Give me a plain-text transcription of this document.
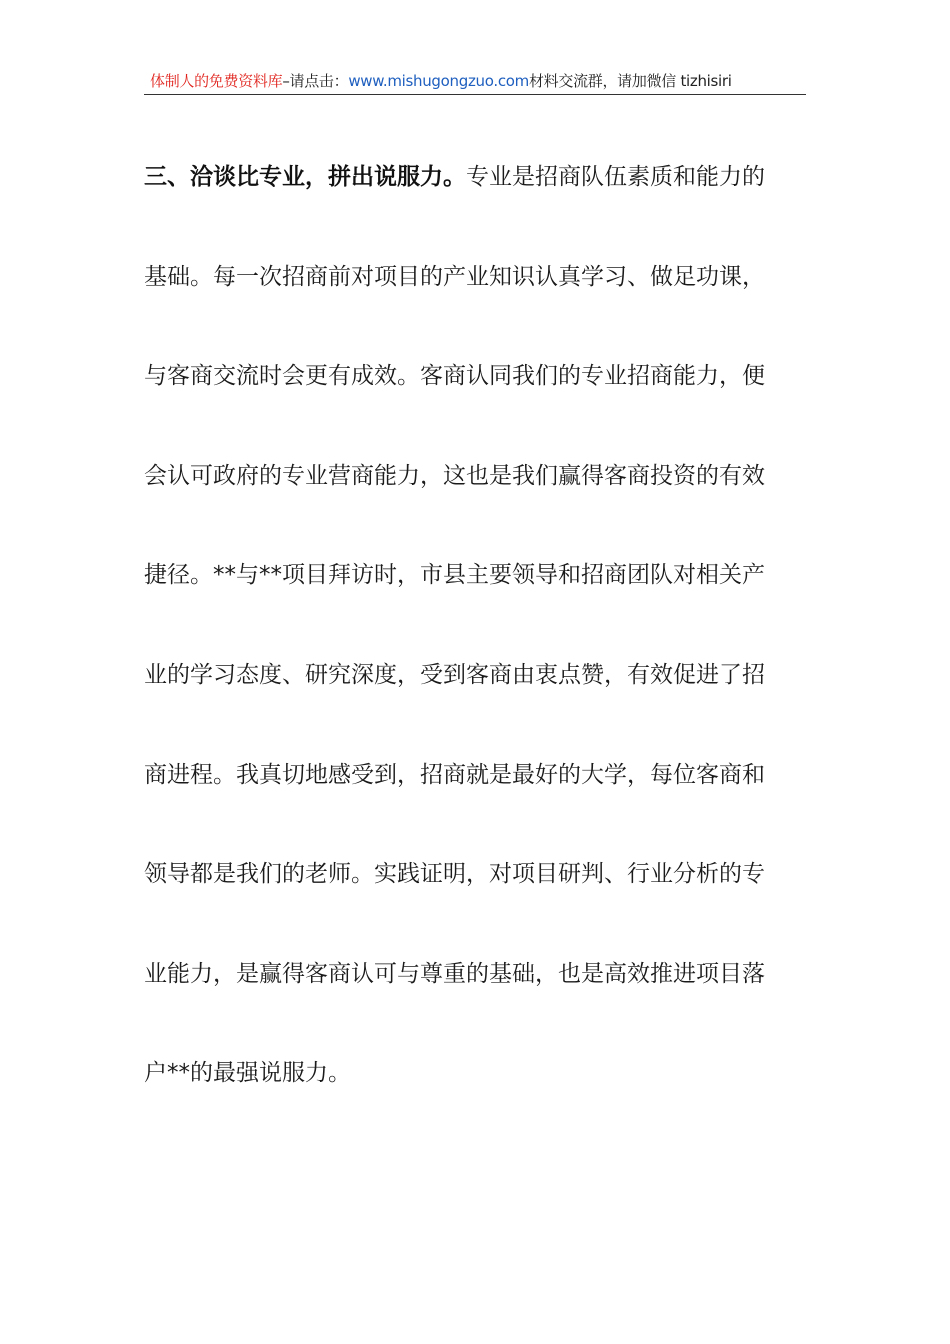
体制人的免费资料库–请点击：www.mishugongzuo.com材料交流群，请加微信 tizhisiri

三、洽谈比专业，拼出说服力。专业是招商队伍素质和能力的
基础。每一次招商前对项目的产业知识认真学习、做足功课，
与客商交流时会更有成效。客商认同我们的专业招商能力，便
会认可政府的专业营商能力，这也是我们赢得客商投资的有效
捷径。**与**项目拜访时，市县主要领导和招商团队对相关产
业的学习态度、研究深度，受到客商由衷点赞，有效促进了招
商进程。我真切地感受到，招商就是最好的大学，每位客商和
领导都是我们的老师。实践证明，对项目研判、行业分析的专
业能力，是赢得客商认可与尊重的基础，也是高效推进项目落
户**的最强说服力。
